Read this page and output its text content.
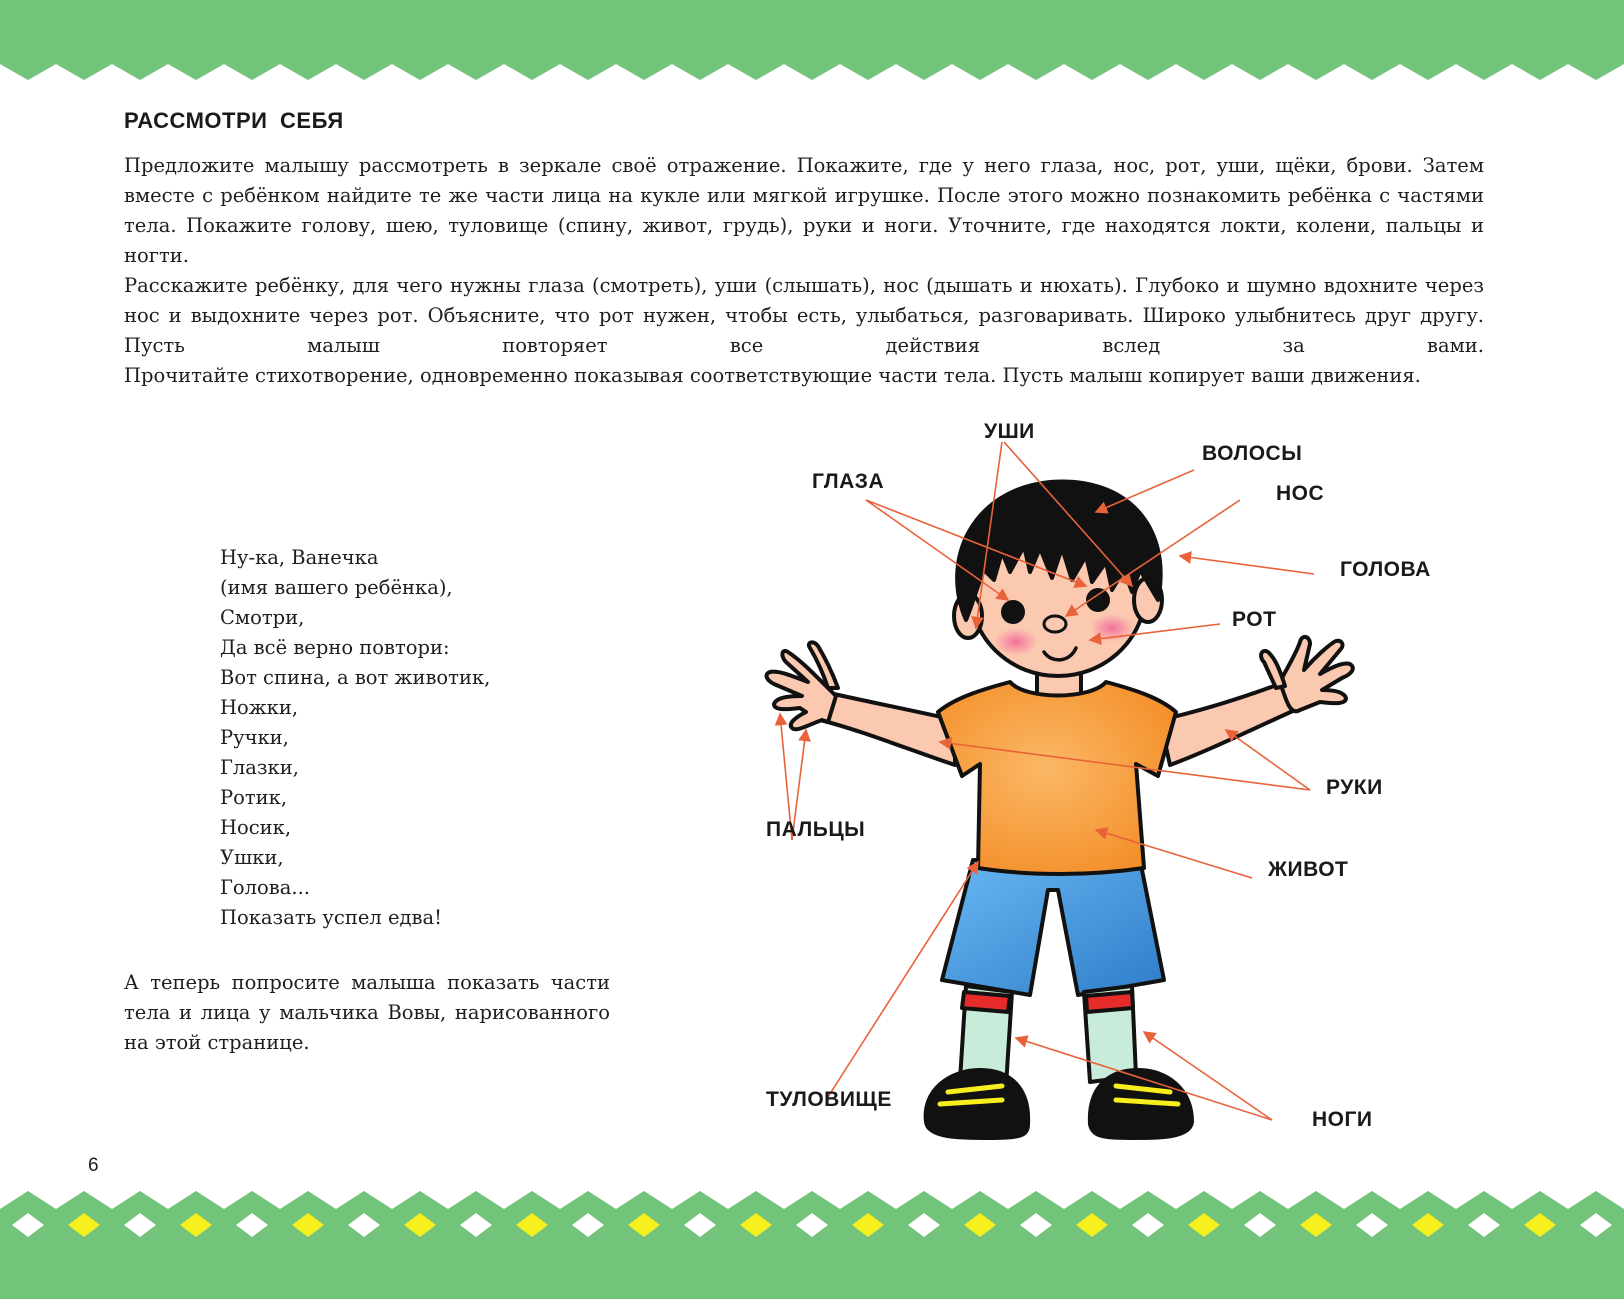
РАССМОТРИ СЕБЯ

Предложите малышу рассмотреть в зеркале своё отражение. Покажите, где у него глаза, нос, рот, уши, щёки, брови. Затем вместе с ребёнком найдите те же части лица на кукле или мягкой игрушке. После этого можно познакомить ребёнка с частями тела. Покажите голову, шею, туловище (спину, живот, грудь), руки и ноги. Уточните, где находятся локти, колени, пальцы и ногти.

Расскажите ребёнку, для чего нужны глаза (смотреть), уши (слышать), нос (дышать и нюхать). Глубоко и шумно вдохните через нос и выдохните через рот. Объясните, что рот нужен, чтобы есть, улыбаться, разговаривать. Широко улыбнитесь друг другу. Пусть малыш повторяет все действия вслед за вами.

Прочитайте стихотворение, одновременно показывая соответствующие части тела. Пусть малыш копирует ваши движения.

Ну-ка, Ванечка
(имя вашего ребёнка),
Смотри,
Да всё верно повтори:
Вот спина, а вот животик,
Ножки,
Ручки,
Глазки,
Ротик,
Носик,
Ушки,
Голова...
Показать успел едва!

А теперь попросите малыша показать части тела и лица у мальчика Вовы, нарисованного на этой странице.

6
УШИ
ВОЛОСЫ
ГЛАЗА
НОС
ГОЛОВА
РОТ
ПАЛЬЦЫ
РУКИ
ЖИВОТ
ТУЛОВИЩЕ
НОГИ
